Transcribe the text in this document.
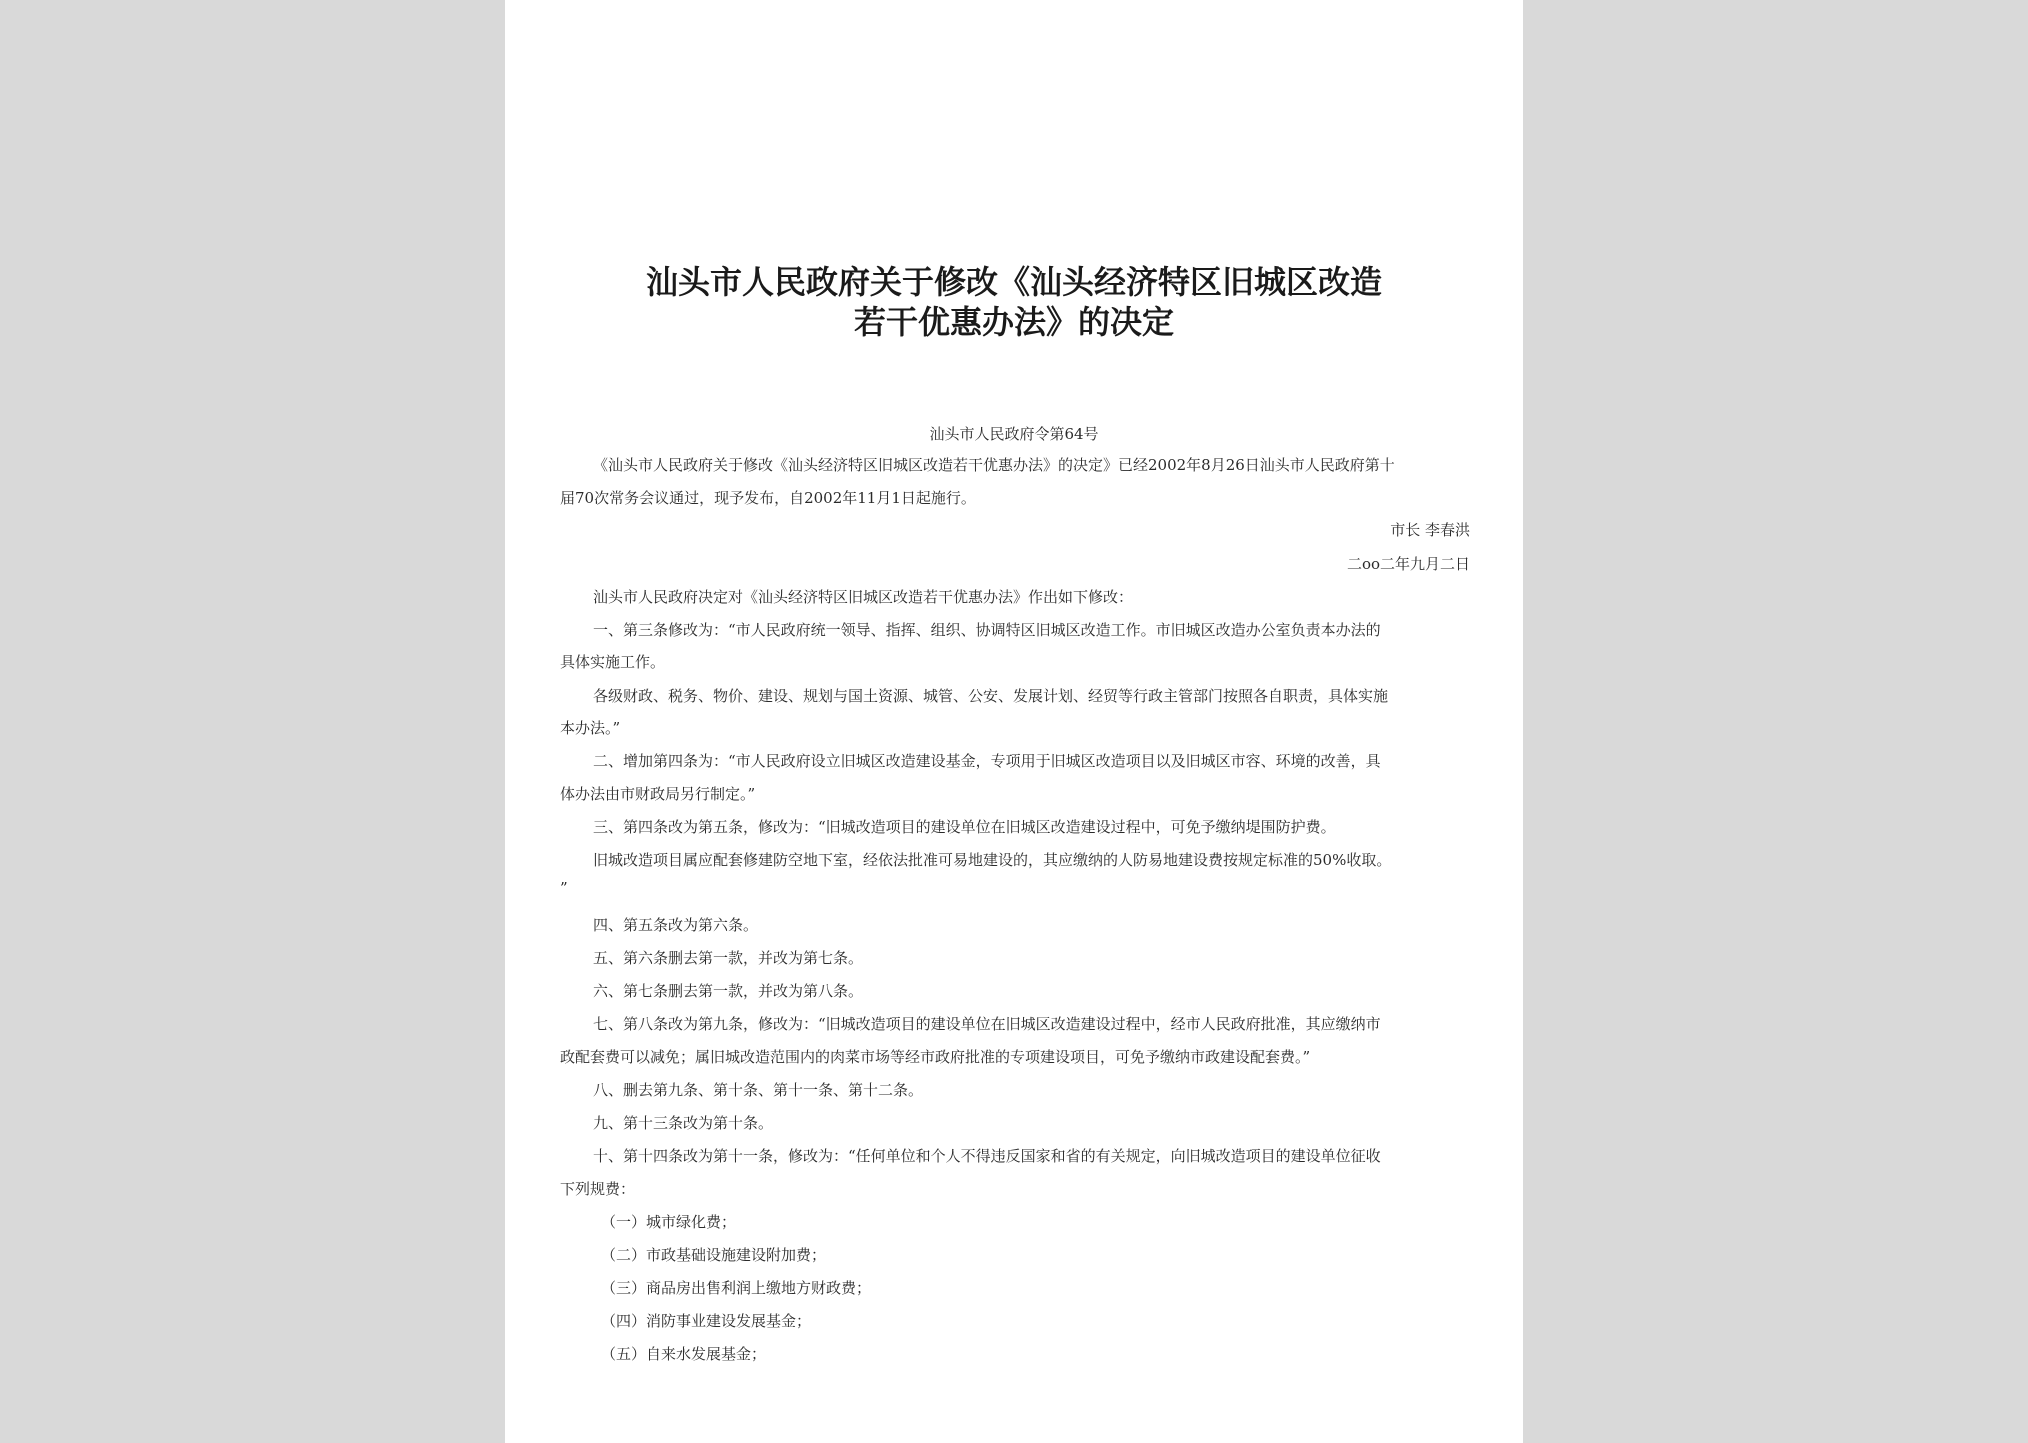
汕头市人民政府关于修改《汕头经济特区旧城区改造
若干优惠办法》的决定
汕头市人民政府令第64号
《汕头市人民政府关于修改《汕头经济特区旧城区改造若干优惠办法》的决定》已经2002年8月26日汕头市人民政府第十
届70次常务会议通过，现予发布，自2002年11月1日起施行。
市长 李春洪
二oo二年九月二日
汕头市人民政府决定对《汕头经济特区旧城区改造若干优惠办法》作出如下修改：
一、第三条修改为：“市人民政府统一领导、指挥、组织、协调特区旧城区改造工作。市旧城区改造办公室负责本办法的
具体实施工作。
各级财政、税务、物价、建设、规划与国土资源、城管、公安、发展计划、经贸等行政主管部门按照各自职责，具体实施
本办法。”
二、增加第四条为：“市人民政府设立旧城区改造建设基金，专项用于旧城区改造项目以及旧城区市容、环境的改善，具
体办法由市财政局另行制定。”
三、第四条改为第五条，修改为：“旧城改造项目的建设单位在旧城区改造建设过程中，可免予缴纳堤围防护费。
旧城改造项目属应配套修建防空地下室，经依法批准可易地建设的，其应缴纳的人防易地建设费按规定标准的50%收取。
”
四、第五条改为第六条。
五、第六条删去第一款，并改为第七条。
六、第七条删去第一款，并改为第八条。
七、第八条改为第九条，修改为：“旧城改造项目的建设单位在旧城区改造建设过程中，经市人民政府批准，其应缴纳市
政配套费可以减免；属旧城改造范围内的肉菜市场等经市政府批准的专项建设项目，可免予缴纳市政建设配套费。”
八、删去第九条、第十条、第十一条、第十二条。
九、第十三条改为第十条。
十、第十四条改为第十一条，修改为：“任何单位和个人不得违反国家和省的有关规定，向旧城改造项目的建设单位征收
下列规费：
（一）城市绿化费；
（二）市政基础设施建设附加费；
（三）商品房出售利润上缴地方财政费；
（四）消防事业建设发展基金；
（五）自来水发展基金；
